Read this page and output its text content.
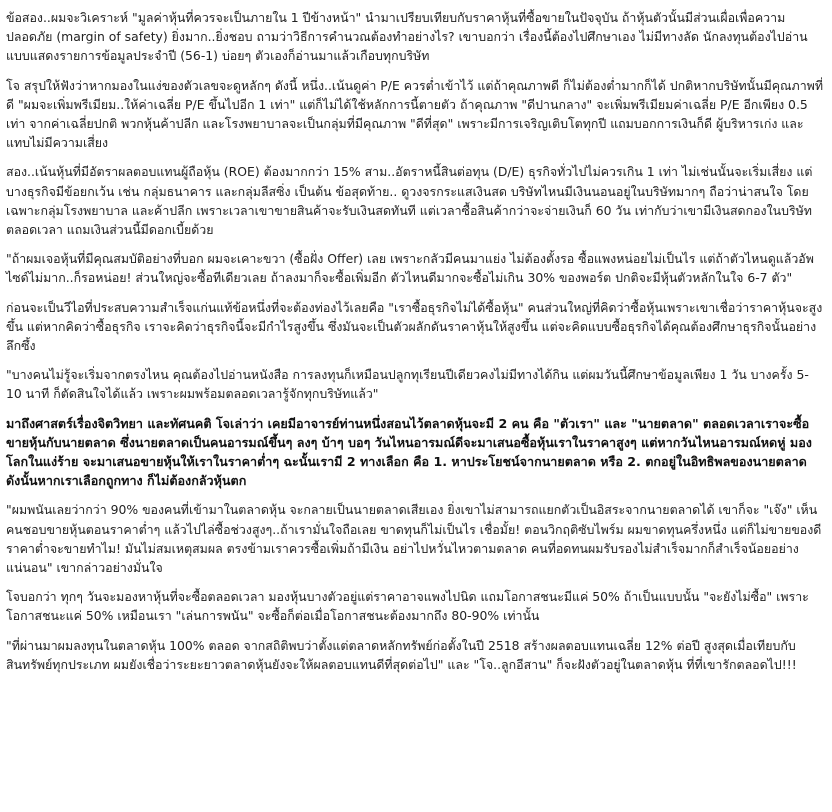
ข้อสอง..ผมจะวิเคราะห์ "มูลค่าหุ้นที่ควรจะเป็นภายใน 1 ปีข้างหน้า" นำมาเปรียบเทียบกับราคาหุ้นที่ซื้อขายในปัจจุบัน ถ้าหุ้นตัวนั้นมีส่วนเผื่อเพื่อความปลอดภัย (margin of safety) ยิ่งมาก..ยิ่งชอบ ถามว่าวิธีการคำนวณต้องทำอย่างไร? เขาบอกว่า เรื่องนี้ต้องไปศึกษาเอง ไม่มีทางลัด นักลงทุนต้องไปอ่านแบบแสดงรายการข้อมูลประจำปี (56-1) บ่อยๆ ตัวเองก็อ่านมาแล้วเกือบทุกบริษัท

โจ สรุปให้ฟังว่าหากมองในแง่ของตัวเลขจะดูหลักๆ ดังนี้ หนึ่ง..เน้นดูค่า P/E ควรต่ำเข้าไว้ แต่ถ้าคุณภาพดี ก็ไม่ต้องต่ำมากก็ได้ ปกติหากบริษัทนั้นมีคุณภาพที่ดี "ผมจะเพิ่มพรีเมียม..ให้ค่าเฉลี่ย P/E ขึ้นไปอีก 1 เท่า" แต่ก็ไม่ได้ใช้หลักการนี้ตายตัว ถ้าคุณภาพ "ดีปานกลาง" จะเพิ่มพรีเมียมค่าเฉลี่ย P/E อีกเพียง 0.5 เท่า จากค่าเฉลี่ยปกติ พวกหุ้นค้าปลีก และโรงพยาบาลจะเป็นกลุ่มที่มีคุณภาพ "ดีที่สุด" เพราะมีการเจริญเติบโตทุกปี แถมบอกการเงินก็ดี ผู้บริหารเก่ง และแทบไม่มีความเสี่ยง

สอง..เน้นหุ้นที่มีอัตราผลตอบแทนผู้ถือหุ้น (ROE) ต้องมากกว่า 15% สาม..อัตราหนี้สินต่อทุน (D/E) ธุรกิจทั่วไปไม่ควรเกิน 1 เท่า ไม่เช่นนั้นจะเริ่มเสี่ยง แต่บางธุรกิจมีข้อยกเว้น เช่น กลุ่มธนาคาร และกลุ่มลีสซิ่ง เป็นต้น ข้อสุดท้าย.. ดูวงจรกระแสเงินสด บริษัทไหนมีเงินนอนอยู่ในบริษัทมากๆ ถือว่าน่าสนใจ โดยเฉพาะกลุ่มโรงพยาบาล และค้าปลีก เพราะเวลาเขาขายสินค้าจะรับเงินสดทันที แต่เวลาซื้อสินค้ากว่าจะจ่ายเงินก็ 60 วัน เท่ากับว่าเขามีเงินสดกองในบริษัทตลอดเวลา แถมเงินส่วนนี้มีดอกเบี้ยด้วย

"ถ้าผมเจอหุ้นที่มีคุณสมบัติอย่างที่บอก ผมจะเคาะขวา (ซื้อฝั่ง Offer) เลย เพราะกลัวมีคนมาแย่ง ไม่ต้องตั้งรอ ซื้อแพงหน่อยไม่เป็นไร แต่ถ้าตัวไหนดูแล้วอัพไซด์ไม่มาก..ก็รอหน่อย! ส่วนใหญ่จะซื้อทีเดียวเลย ถ้าลงมาก็จะซื้อเพิ่มอีก ตัวไหนดีมากจะซื้อไม่เกิน 30% ของพอร์ต ปกติจะมีหุ้นตัวหลักในใจ 6-7 ตัว"

ก่อนจะเป็นวีไอที่ประสบความสำเร็จแก่นแท้ข้อหนึ่งที่จะต้องท่องไว้เลยคือ "เราซื้อธุรกิจไม่ได้ซื้อหุ้น" คนส่วนใหญ่ที่คิดว่าซื้อหุ้นเพราะเขาเชื่อว่าราคาหุ้นจะสูงขึ้น แต่หากคิดว่าซื้อธุรกิจ เราจะคิดว่าธุรกิจนี้จะมีกำไรสูงขึ้น ซึ่งมันจะเป็นตัวผลักดันราคาหุ้นให้สูงขึ้น แต่จะคิดแบบซื้อธุรกิจได้คุณต้องศึกษาธุรกิจนั้นอย่างลึกซึ้ง

"บางคนไม่รู้จะเริ่มจากตรงไหน คุณต้องไปอ่านหนังสือ การลงทุนก็เหมือนปลูกทุเรียนปีเดียวคงไม่มีทางได้กิน แต่ผมวันนี้ศึกษาข้อมูลเพียง 1 วัน บางครั้ง 5-10 นาที ก็ตัดสินใจได้แล้ว เพราะผมพร้อมตลอดเวลารู้จักทุกบริษัทแล้ว"

มาถึงศาสตร์เรื่องจิตวิทยา และทัศนคติ โจเล่าว่า เคยมีอาจารย์ท่านหนึ่งสอนไว้ตลาดหุ้นจะมี 2 คน คือ "ตัวเรา" และ "นายตลาด" ตลอดเวลาเราจะซื้อขายหุ้นกับนายตลาด ซึ่งนายตลาดเป็นคนอารมณ์ขึ้นๆ ลงๆ บ้าๆ บอๆ วันไหนอารมณ์ดีจะมาเสนอซื้อหุ้นเราในราคาสูงๆ แต่หากวันไหนอารมณ์หดหู่ มองโลกในแง่ร้าย จะมาเสนอขายหุ้นให้เราในราคาต่ำๆ ฉะนั้นเรามี 2 ทางเลือก คือ 1. หาประโยชน์จากนายตลาด หรือ 2. ตกอยู่ในอิทธิพลของนายตลาด ดังนั้นหากเราเลือกถูกทาง ก็ไม่ต้องกลัวหุ้นตก

"ผมพนันเลยว่ากว่า 90% ของคนที่เข้ามาในตลาดหุ้น จะกลายเป็นนายตลาดเสียเอง ยิ่งเขาไม่สามารถแยกตัวเป็นอิสระจากนายตลาดได้ เขาก็จะ "เจ๊ง" เห็นคนชอบขายหุ้นตอนราคาต่ำๆ แล้วไปไล่ซื้อช่วงสูงๆ..ถ้าเรามั่นใจถือเลย ขาดทุนก็ไม่เป็นไร เชื่อมั้ย! ตอนวิกฤติซับไพร์ม ผมขาดทุนครึ่งหนึ่ง แต่ก็ไม่ขายของดีราคาต่ำจะขายทำไม! มันไม่สมเหตุสมผล ตรงข้ามเราควรซื้อเพิ่มถ้ามีเงิน อย่าไปหวั่นไหวตามตลาด คนที่อดทนผมรับรองไม่สำเร็จมากก็สำเร็จน้อยอย่างแน่นอน" เขากล่าวอย่างมั่นใจ

โจบอกว่า ทุกๆ วันจะมองหาหุ้นที่จะซื้อตลอดเวลา มองหุ้นบางตัวอยู่แต่ราคาอาจแพงไปนิด แถมโอกาสชนะมีแค่ 50% ถ้าเป็นแบบนั้น "จะยังไม่ซื้อ" เพราะโอกาสชนะแค่ 50% เหมือนเรา "เล่นการพนัน" จะซื้อก็ต่อเมื่อโอกาสชนะต้องมากถึง 80-90% เท่านั้น

"ที่ผ่านมาผมลงทุนในตลาดหุ้น 100% ตลอด จากสถิติพบว่าตั้งแต่ตลาดหลักทรัพย์ก่อตั้งในปี 2518 สร้างผลตอบแทนเฉลี่ย 12% ต่อปี สูงสุดเมื่อเทียบกับสินทรัพย์ทุกประเภท ผมยังเชื่อว่าระยะยาวตลาดหุ้นยังจะให้ผลตอบแทนดีที่สุดต่อไป" และ "โจ..ลูกอีสาน" ก็จะฝังตัวอยู่ในตลาดหุ้น ที่ที่เขารักตลอดไป!!!
